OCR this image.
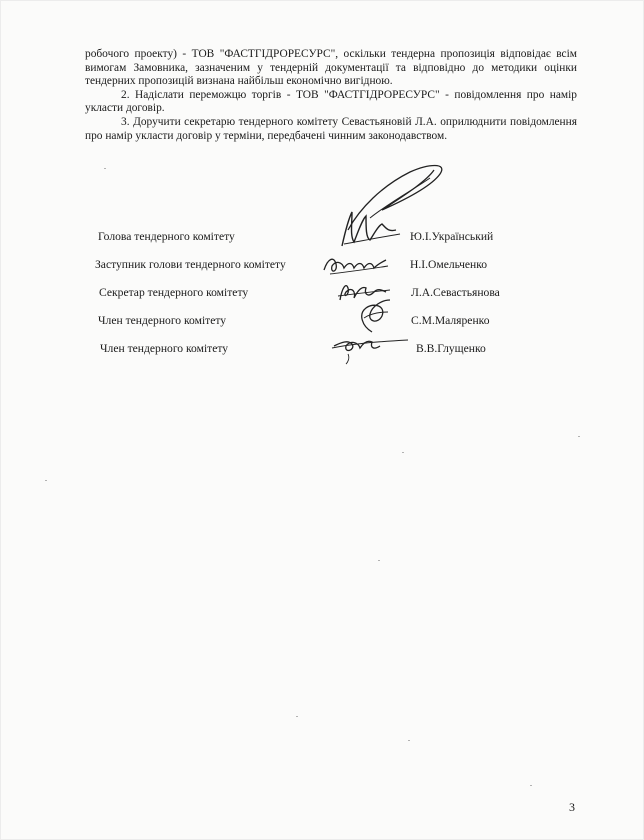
робочого проекту) - ТОВ "ФАСТГІДРОРЕСУРС", оскільки тендерна пропозиція відповідає всім вимогам Замовника, зазначеним у тендерній документації та відповідно до методики оцінки тендерних пропозицій визнана найбільш економічно вигідною.

2. Надіслати переможцю торгів - ТОВ "ФАСТГІДРОРЕСУРС" - повідомлення про намір укласти договір.

3. Доручити секретарю тендерного комітету Севастьяновій Л.А. оприлюднити повідомлення про намір укласти договір у терміни, передбачені чинним законодавством.

Голова тендерного комітету	Ю.І.Український
Заступник голови тендерного комітету	Н.І.Омельченко
Секретар тендерного комітету	Л.А.Севастьянова
Член тендерного комітету	С.М.Маляренко
Член тендерного комітету	В.В.Глущенко
3
